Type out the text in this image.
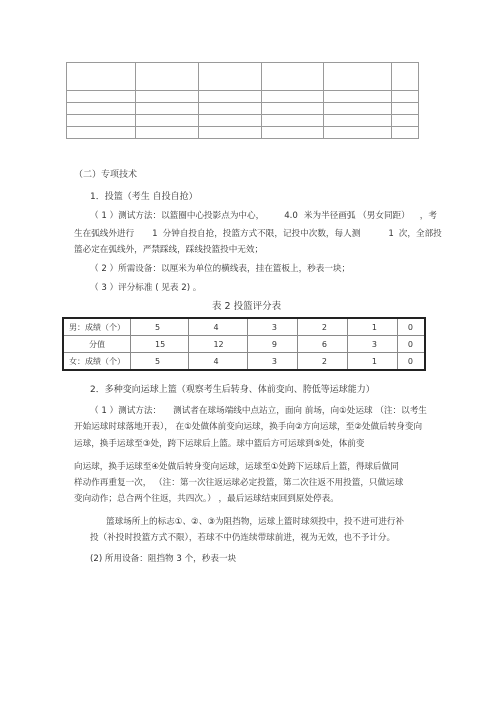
（二）专项技术
1．投篮（考生 自投自抢）
（ 1 ）测试方法：以篮圈中心投影点为中心， 4.0 米为半径画弧 （男女同距） ，考
生在弧线外进行 1 分钟自投自抢，投篮方式不限，记投中次数，每人测	1 次，全部投
篮必定在弧线外，严禁踩线，踩线投篮投中无效；
（ 2 ）所需设备：以厘米为单位的横线表，挂在篮板上，秒表一块；
（ 3 ）评分标准 ( 见表 2) 。
表 2 投篮评分表
男：成绩（个）	5	4	3	2	1	0
分值	15	12	9	6	3	0
女：成绩（个）	5	4	3	2	1	0
2．多种变向运球上篮（观察考生后转身、体前变向、胯低等运球能力）
（ 1 ）测试方法： 测试者在球场端线中点站立，面向 前场，向①处运球 （注：以考生
开始运球时球落地开表）， 在①处做体前变向运球，换手向②方向运球，至②处做后转身变向
运球，换手运球至③处，跨下运球后上篮。球中篮后方可运球到⑤处，体前变
向运球，换手运球至④处做后转身变向运球，运球至①处跨下运球后上篮，得球后做同
样动作再重复一次， （注：第一次往返运球必定投篮，第二次往返不用投篮，只做运球
变向动作；总合两个往返，共四次。） ，最后运球结束回到原处停表。
篮球场所上的标志①、②、③为阻挡物，运球上篮时球须投中，投不进可进行补
投（补投时投篮方式不限），若球不中仍连续带球前进，视为无效，也不予计分。
(2) 所用设备：阻挡物 3 个，秒表一块
